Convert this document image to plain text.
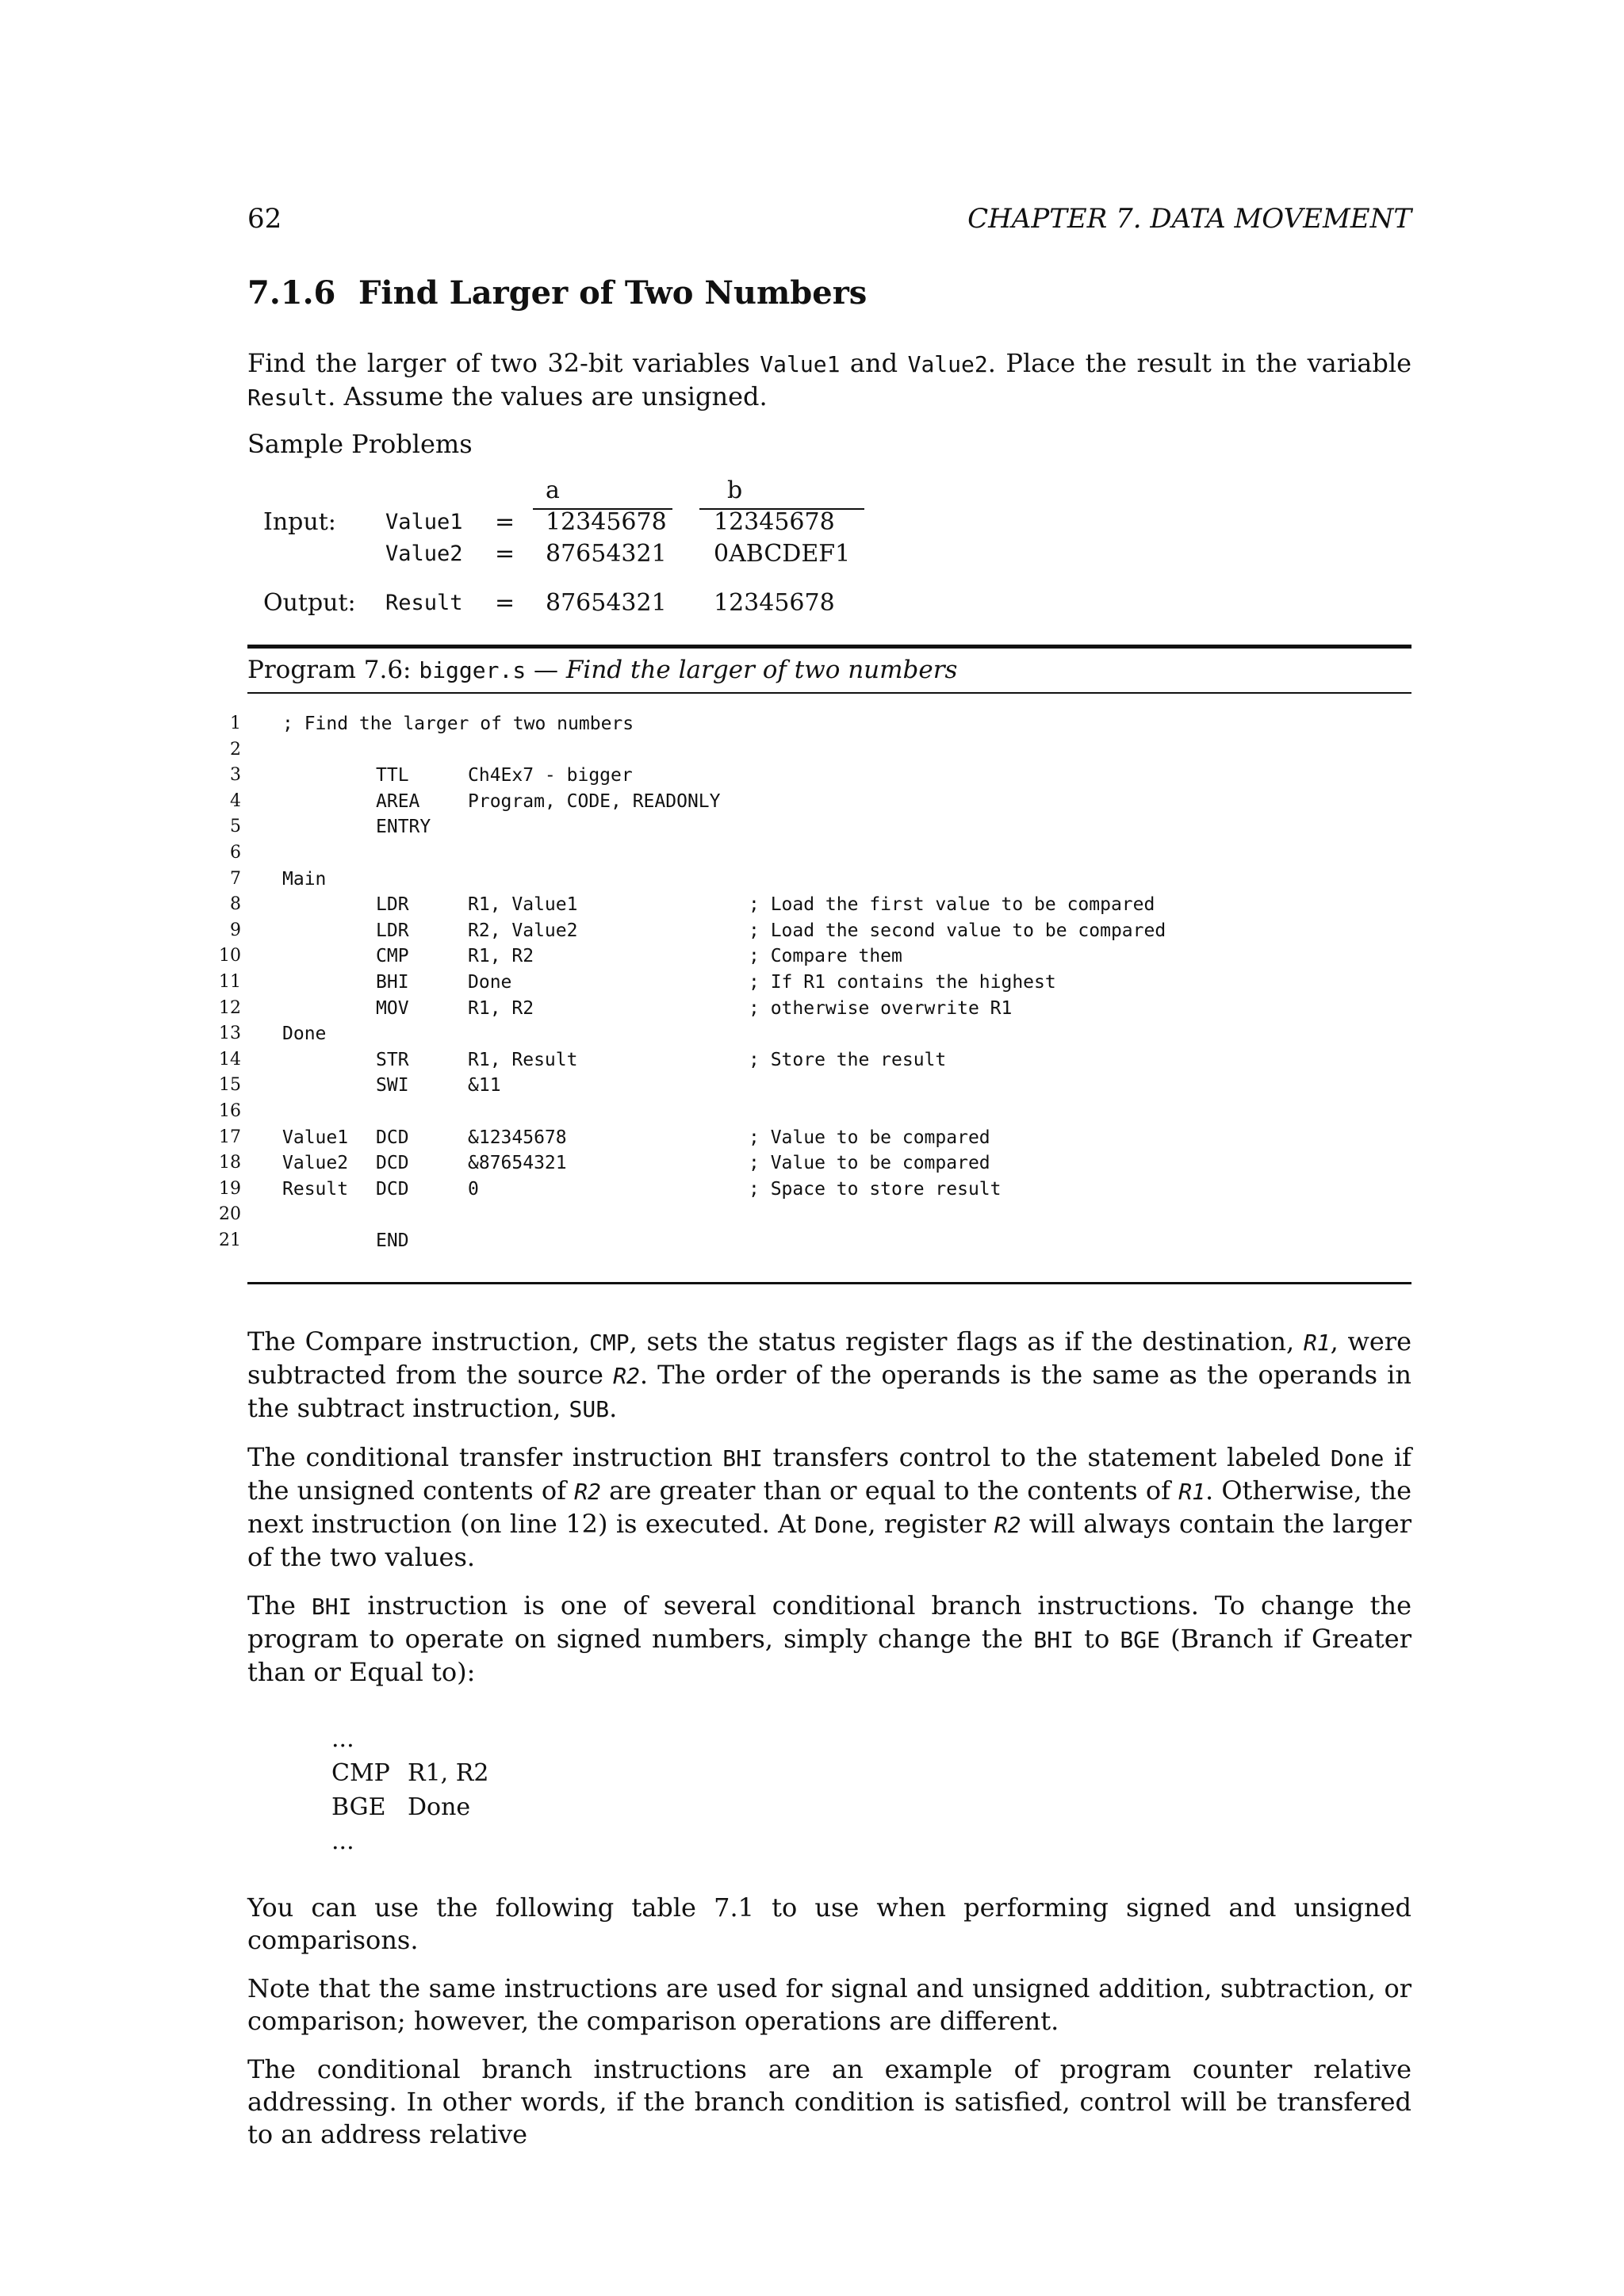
62	CHAPTER 7. DATA MOVEMENT
7.1.6 Find Larger of Two Numbers

Find the larger of two 32-bit variables Value1 and Value2. Place the result in the variable Result. Assume the values are unsigned.

Sample Problems

a	b
Input: Value1 = 12345678 12345678
Value2 = 87654321 0ABCDEF1
Output: Result = 87654321 12345678
Program 7.6: bigger.s — Find the larger of two numbers
1 ; Find the larger of two numbers
2
3	TTL	Ch4Ex7 - bigger
4	AREA	Program, CODE, READONLY
5	ENTRY
6
7 Main
8	LDR	R1, Value1	; Load the first value to be compared
9	LDR	R2, Value2	; Load the second value to be compared
10	CMP	R1, R2	; Compare them
11	BHI	Done	; If R1 contains the highest
12	MOV	R1, R2	; otherwise overwrite R1
13 Done
14	STR	R1, Result	; Store the result
15	SWI	&11
16
17 Value1 DCD	&12345678	; Value to be compared
18 Value2 DCD	&87654321	; Value to be compared
19 Result DCD	0	; Space to store result
20
21	END

The Compare instruction, CMP, sets the status register flags as if the destination, R1, were subtracted from the source R2. The order of the operands is the same as the operands in the subtract instruction, SUB.

The conditional transfer instruction BHI transfers control to the statement labeled Done if the unsigned contents of R2 are greater than or equal to the contents of R1. Otherwise, the next instruction (on line 12) is executed. At Done, register R2 will always contain the larger of the two values.

The BHI instruction is one of several conditional branch instructions. To change the program to operate on signed numbers, simply change the BHI to BGE (Branch if Greater than or Equal to):

...
CMP R1, R2
BGE Done
...

You can use the following table 7.1 to use when performing signed and unsigned comparisons.

Note that the same instructions are used for signal and unsigned addition, subtraction, or comparison; however, the comparison operations are different.

The conditional branch instructions are an example of program counter relative addressing. In other words, if the branch condition is satisfied, control will be transfered to an address relative
